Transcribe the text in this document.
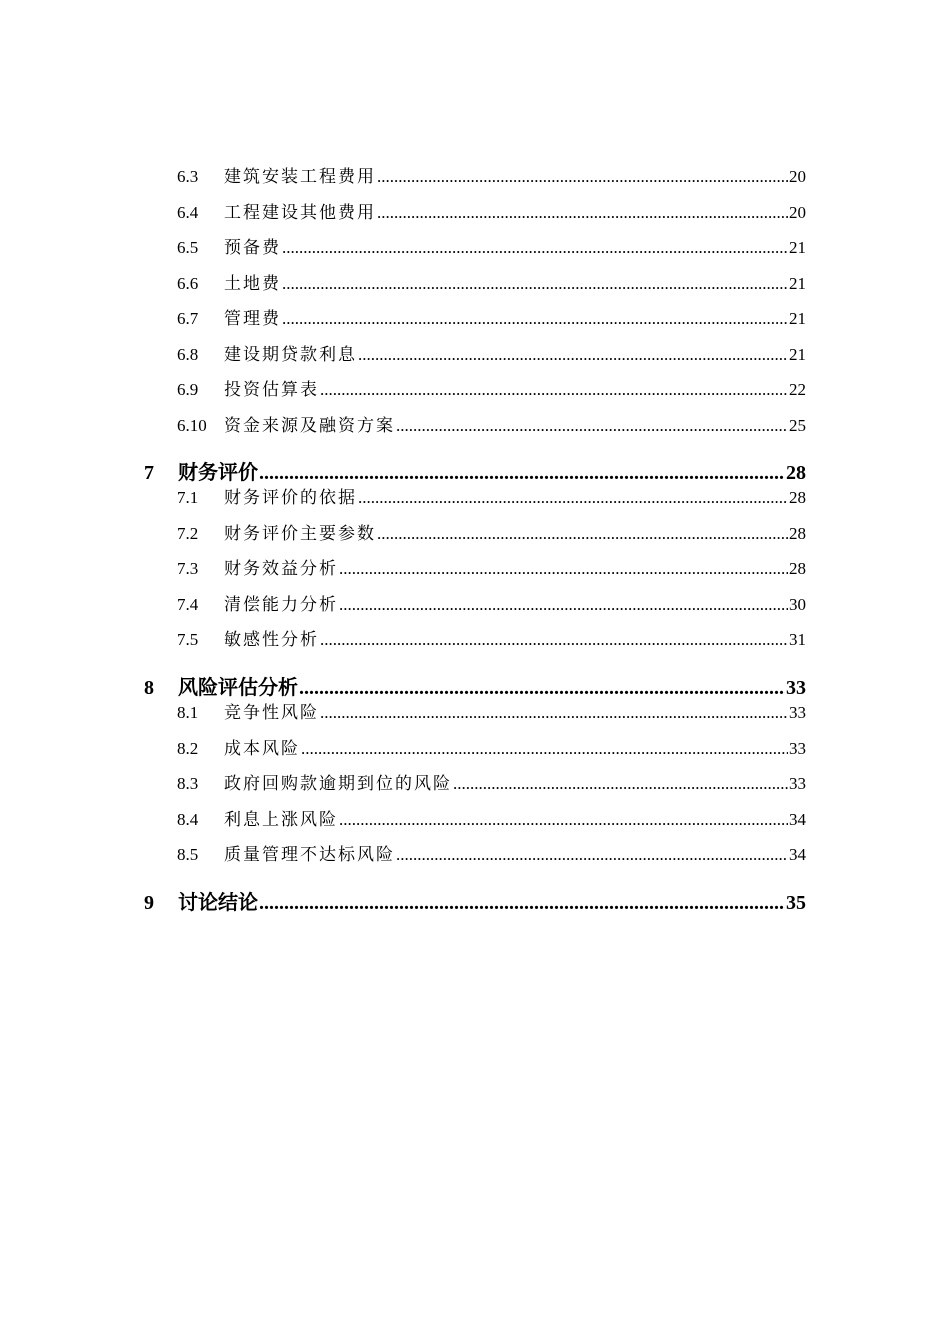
6.3	建筑安装工程费用 .....	20
6.4	工程建设其他费用 .....	20
6.5	预备费 .....	21
6.6	土地费 .....	21
6.7	管理费 .....	21
6.8	建设期贷款利息 .....	21
6.9	投资估算表 .....	22
6.10	资金来源及融资方案 .....	25
7	财务评价 .....	28
7.1	财务评价的依据 .....	28
7.2	财务评价主要参数 .....	28
7.3	财务效益分析 .....	28
7.4	清偿能力分析 .....	30
7.5	敏感性分析 .....	31
8	风险评估分析 .....	33
8.1	竞争性风险 .....	33
8.2	成本风险 .....	33
8.3	政府回购款逾期到位的风险 .....	33
8.4	利息上涨风险 .....	34
8.5	质量管理不达标风险 .....	34
9	讨论结论 .....	35
